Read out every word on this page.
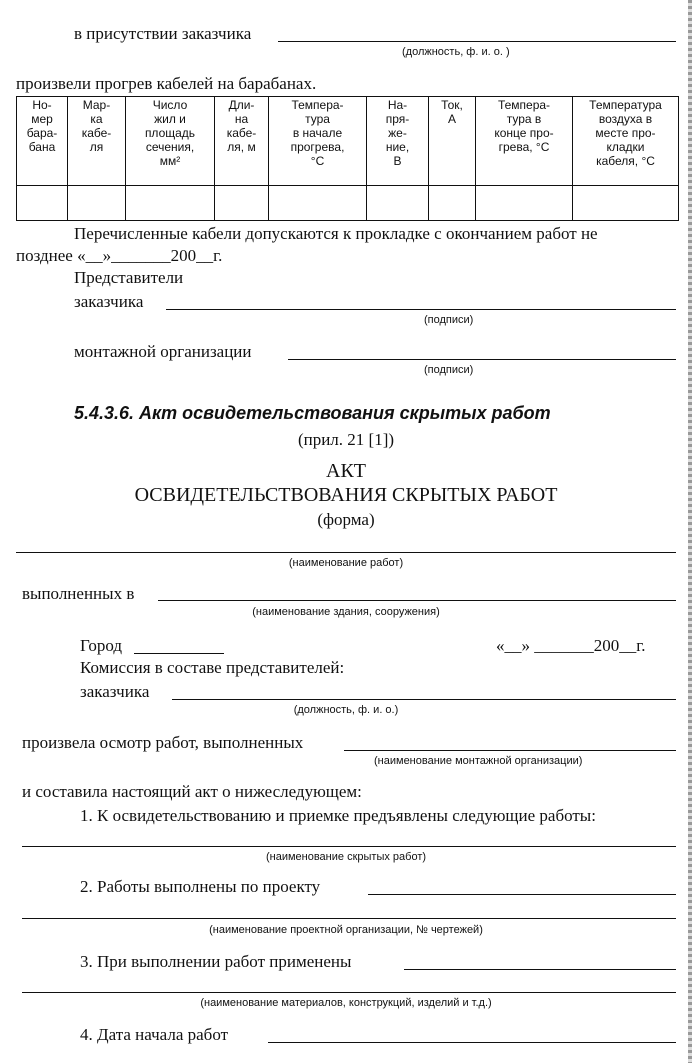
в присутствии заказчика
(должность, ф. и. о. )
произвели прогрев кабелей на барабанах.
Но-
мер
бара-
бана	Мар-
ка
кабе-
ля	Число
жил и
площадь
сечения,
мм²	Дли-
на
кабе-
ля, м	Темпера-
тура
в начале
прогрева,
°С	На-
пря-
же-
ние,
В	Ток,
А	Темпера-
тура в
конце про-
грева, °С	Температура
воздуха в
месте про-
кладки
кабеля, °С

Перечисленные кабели допускаются к прокладке с окончанием работ не
позднее «__»_______200__г.
Представители
заказчика
(подписи)
монтажной организации
(подписи)
5.4.3.6. Акт освидетельствования скрытых работ
(прил. 21 [1])
АКТ
ОСВИДЕТЕЛЬСТВОВАНИЯ СКРЫТЫХ РАБОТ
(форма)
(наименование работ)
выполненных в
(наименование здания, сооружения)
Город	«__» _______200__г.
Комиссия в составе представителей:
заказчика
(должность, ф. и. о.)
произвела осмотр работ, выполненных
(наименование монтажной организации)
и составила настоящий акт о нижеследующем:
1. К освидетельствованию и приемке предъявлены следующие работы:
(наименование скрытых работ)
2. Работы выполнены по проекту
(наименование проектной организации, № чертежей)
3. При выполнении работ применены
(наименование материалов, конструкций, изделий и т.д.)
4. Дата начала работ
